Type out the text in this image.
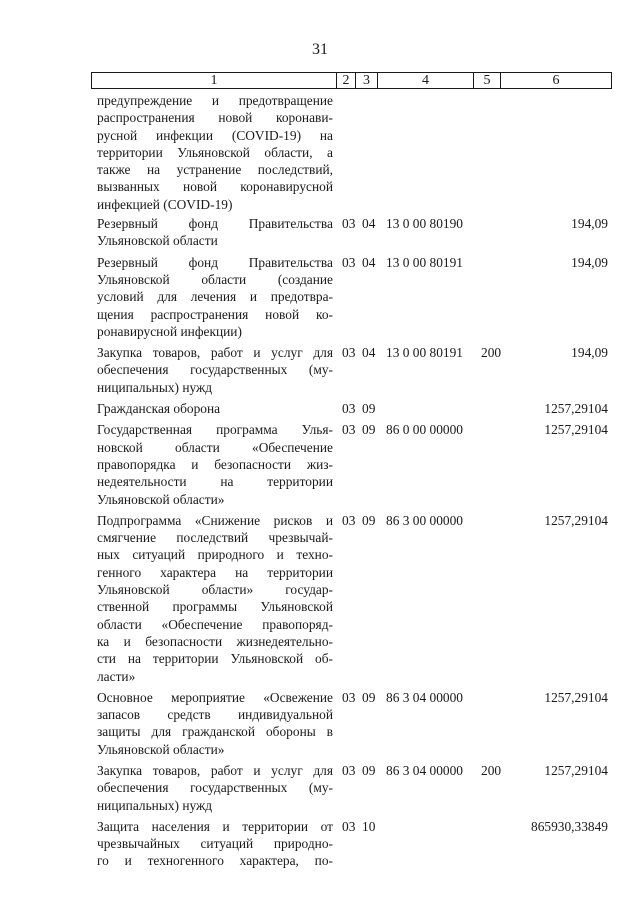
31
1	2 3	4	5	6
предупреждение и предотвращение
распространения новой коронави-
русной инфекции (COVID-19) на
территории Ульяновской области, а
также на устранение последствий,
вызванных новой коронавирусной
инфекцией (COVID-19)
Резервный фонд Правительства
Ульяновской области
03 04 13 0 00 80190	194,09
Резервный фонд Правительства
Ульяновской области (создание
условий для лечения и предотвра-
щения распространения новой ко-
ронавирусной инфекции)
03 04 13 0 00 80191	194,09
Закупка товаров, работ и услуг для
обеспечения государственных (му-
ниципальных) нужд
03 04 13 0 00 80191 200	194,09
Гражданская оборона	03 09	1257,29104
Государственная программа Улья-
новской области «Обеспечение
правопорядка и безопасности жиз-
недеятельности на территории
Ульяновской области»
03 09 86 0 00 00000	1257,29104
Подпрограмма «Снижение рисков и
смягчение последствий чрезвычай-
ных ситуаций природного и техно-
генного характера на территории
Ульяновской области» государ-
ственной программы Ульяновской
области «Обеспечение правопоряд-
ка и безопасности жизнедеятельно-
сти на территории Ульяновской об-
ласти»
03 09 86 3 00 00000	1257,29104
Основное мероприятие «Освежение
запасов средств индивидуальной
защиты для гражданской обороны в
Ульяновской области»
03 09 86 3 04 00000	1257,29104
Закупка товаров, работ и услуг для
обеспечения государственных (му-
ниципальных) нужд
03 09 86 3 04 00000 200	1257,29104
Защита населения и территории от
чрезвычайных ситуаций природно-
го и техногенного характера, по-
03 10	865930,33849
